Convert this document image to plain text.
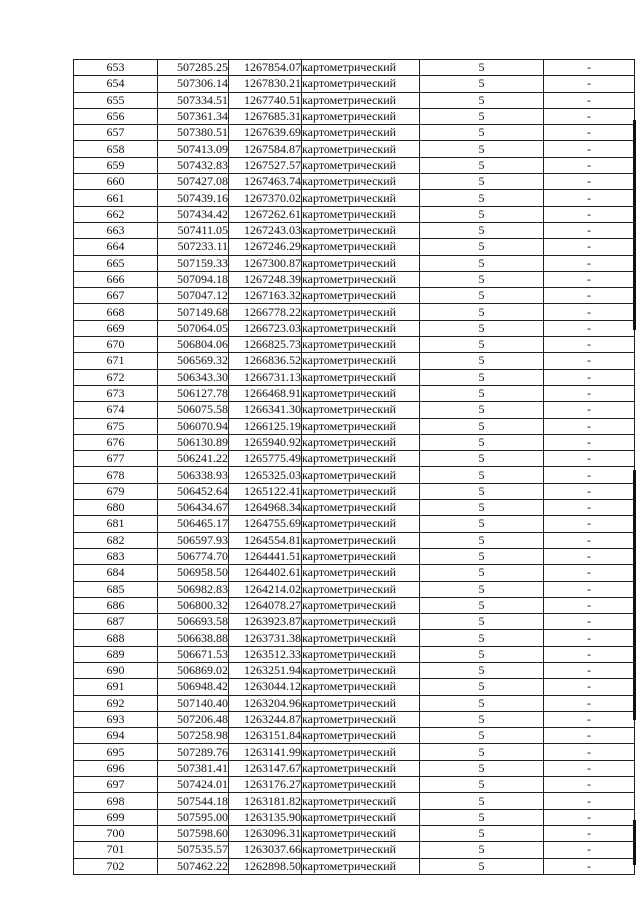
653	507285.25	1267854.07	картометрический	5	-
654	507306.14	1267830.21	картометрический	5	-
655	507334.51	1267740.51	картометрический	5	-
656	507361.34	1267685.31	картометрический	5	-
657	507380.51	1267639.69	картометрический	5	-
658	507413.09	1267584.87	картометрический	5	-
659	507432.83	1267527.57	картометрический	5	-
660	507427.08	1267463.74	картометрический	5	-
661	507439.16	1267370.02	картометрический	5	-
662	507434.42	1267262.61	картометрический	5	-
663	507411.05	1267243.03	картометрический	5	-
664	507233.11	1267246.29	картометрический	5	-
665	507159.33	1267300.87	картометрический	5	-
666	507094.18	1267248.39	картометрический	5	-
667	507047.12	1267163.32	картометрический	5	-
668	507149.68	1266778.22	картометрический	5	-
669	507064.05	1266723.03	картометрический	5	-
670	506804.06	1266825.73	картометрический	5	-
671	506569.32	1266836.52	картометрический	5	-
672	506343.30	1266731.13	картометрический	5	-
673	506127.78	1266468.91	картометрический	5	-
674	506075.58	1266341.30	картометрический	5	-
675	506070.94	1266125.19	картометрический	5	-
676	506130.89	1265940.92	картометрический	5	-
677	506241.22	1265775.49	картометрический	5	-
678	506338.93	1265325.03	картометрический	5	-
679	506452.64	1265122.41	картометрический	5	-
680	506434.67	1264968.34	картометрический	5	-
681	506465.17	1264755.69	картометрический	5	-
682	506597.93	1264554.81	картометрический	5	-
683	506774.70	1264441.51	картометрический	5	-
684	506958.50	1264402.61	картометрический	5	-
685	506982.83	1264214.02	картометрический	5	-
686	506800.32	1264078.27	картометрический	5	-
687	506693.58	1263923.87	картометрический	5	-
688	506638.88	1263731.38	картометрический	5	-
689	506671.53	1263512.33	картометрический	5	-
690	506869.02	1263251.94	картометрический	5	-
691	506948.42	1263044.12	картометрический	5	-
692	507140.40	1263204.96	картометрический	5	-
693	507206.48	1263244.87	картометрический	5	-
694	507258.98	1263151.84	картометрический	5	-
695	507289.76	1263141.99	картометрический	5	-
696	507381.41	1263147.67	картометрический	5	-
697	507424.01	1263176.27	картометрический	5	-
698	507544.18	1263181.82	картометрический	5	-
699	507595.00	1263135.90	картометрический	5	-
700	507598.60	1263096.31	картометрический	5	-
701	507535.57	1263037.66	картометрический	5	-
702	507462.22	1262898.50	картометрический	5	-
